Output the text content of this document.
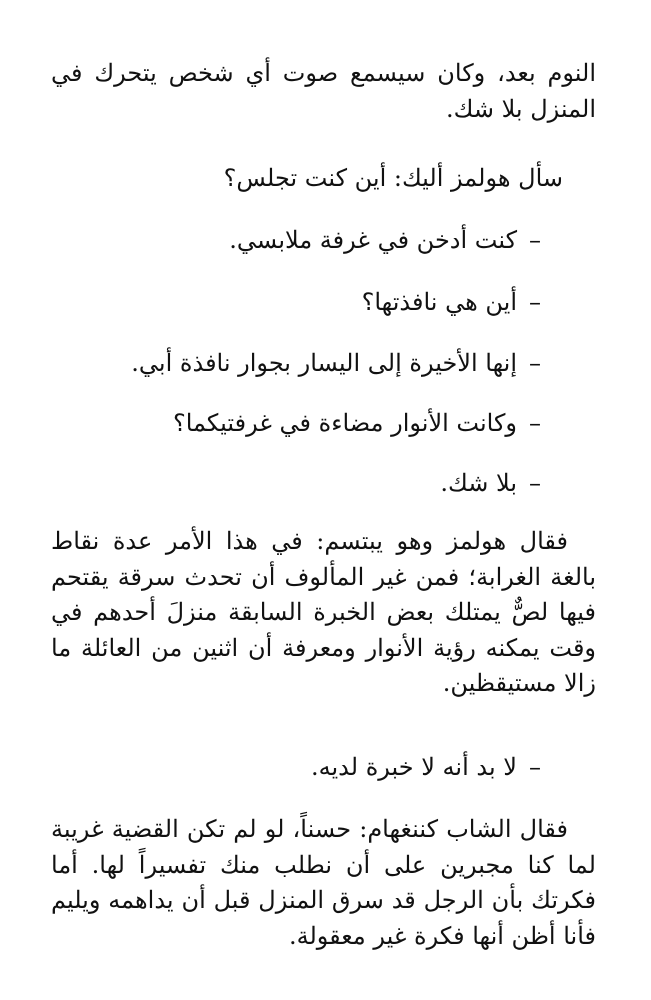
النوم بعد، وكان سيسمع صوت أي شخص يتحرك في المنزل بلا شك.
سأل هولمز أليك: أين كنت تجلس؟
–كنت أدخن في غرفة ملابسي.
–أين هي نافذتها؟
–إنها الأخيرة إلى اليسار بجوار نافذة أبي.
–وكانت الأنوار مضاءة في غرفتيكما؟
–بلا شك.
فقال هولمز وهو يبتسم: في هذا الأمر عدة نقاط بالغة الغرابة؛ فمن غير المألوف أن تحدث سرقة يقتحم فيها لصٌّ يمتلك بعض الخبرة السابقة منزلَ أحدهم في وقت يمكنه رؤية الأنوار ومعرفة أن اثنين من العائلة ما زالا مستيقظين.
–لا بد أنه لا خبرة لديه.
فقال الشاب كننغهام: حسناً، لو لم تكن القضية غريبة لما كنا مجبرين على أن نطلب منك تفسيراً لها. أما فكرتك بأن الرجل قد سرق المنزل قبل أن يداهمه ويليم فأنا أظن أنها فكرة غير معقولة.
